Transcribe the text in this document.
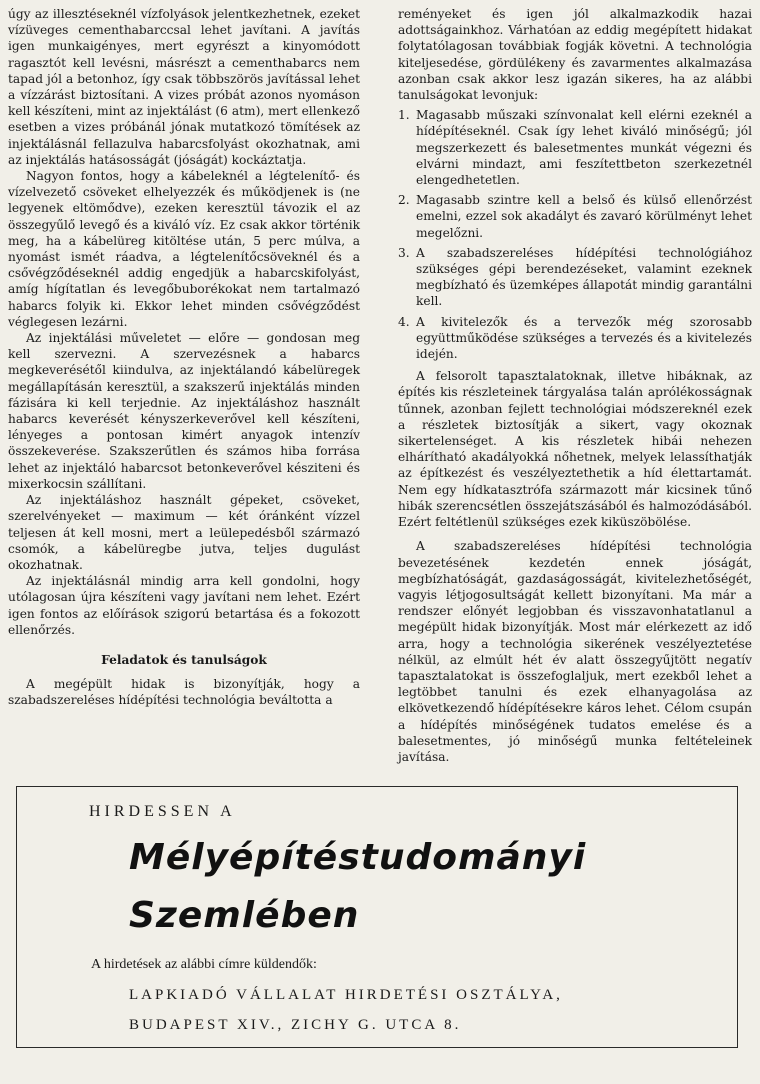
úgy az illesztéseknél vízfolyások jelentkezhetnek, ezeket vízüveges cementhabarccsal lehet javítani. A javítás igen munkaigényes, mert egyrészt a kinyomódott ragasztót kell levésni, másrészt a cementhabarcs nem tapad jól a betonhoz, így csak többszörös javítással lehet a vízzárást biztosítani. A vizes próbát azonos nyomáson kell készíteni, mint az injektálást (6 atm), mert ellenkező esetben a vizes próbánál jónak mutatkozó tömítések az injektálásnál fellazulva habarcsfolyást okozhatnak, ami az injektálás hatásosságát (jóságát) kockáztatja.

Nagyon fontos, hogy a kábeleknél a légtelenítő- és vízelvezető csöveket elhelyezzék és működjenek is (ne legyenek eltömődve), ezeken keresztül távozik el az összegyűlő levegő és a kiváló víz. Ez csak akkor történik meg, ha a kábelüreg kitöltése után, 5 perc múlva, a nyomást ismét ráadva, a légtelenítőcsöveknél és a csővégződéseknél addig engedjük a habarcskifolyást, amíg hígítatlan és levegőbuborékokat nem tartalmazó habarcs folyik ki. Ekkor lehet minden csővégződést véglegesen lezárni.

Az injektálási műveletet — előre — gondosan meg kell szervezni. A szervezésnek a habarcs megkeverésétől kiindulva, az injektálandó kábelüregek megállapításán keresztül, a szakszerű injektálás minden fázisára ki kell terjednie. Az injektáláshoz használt habarcs keverését kényszerkeverővel kell készíteni, lényeges a pontosan kimért anyagok intenzív összekeverése. Szakszerűtlen és számos hiba forrása lehet az injektáló habarcsot betonkeverővel késziteni és mixerkocsin szállítani.

Az injektáláshoz használt gépeket, csöveket, szerelvényeket — maximum — két óránként vízzel teljesen át kell mosni, mert a leülepedésből származó csomók, a kábelüregbe jutva, teljes dugulást okozhatnak.

Az injektálásnál mindig arra kell gondolni, hogy utólagosan újra készíteni vagy javítani nem lehet. Ezért igen fontos az előírások szigorú betartása és a fokozott ellenőrzés.

Feladatok és tanulságok

A megépült hidak is bizonyítják, hogy a szabadszereléses hídépítési technológia beváltotta a

reményeket és igen jól alkalmazkodik hazai adottságainkhoz. Várhatóan az eddig megépített hidakat folytatólagosan továbbiak fogják követni. A technológia kiteljesedése, gördülékeny és zavarmentes alkalmazása azonban csak akkor lesz igazán sikeres, ha az alábbi tanulságokat levonjuk:

1. Magasabb műszaki színvonalat kell elérni ezeknél a hídépítéseknél. Csak így lehet kiváló minőségű; jól megszerkezett és balesetmentes munkát végezni és elvárni mindazt, ami feszítettbeton szerkezetnél elengedhetetlen.
2. Magasabb szintre kell a belső és külső ellenőrzést emelni, ezzel sok akadályt és zavaró körülményt lehet megelőzni.
3. A szabadszereléses hídépítési technológiához szükséges gépi berendezéseket, valamint ezeknek megbízható és üzemképes állapotát mindig garantálni kell.
4. A kivitelezők és a tervezők még szorosabb együttműködése szükséges a tervezés és a kivitelezés idején.

A felsorolt tapasztalatoknak, illetve hibáknak, az építés kis részleteinek tárgyalása talán aprólékosságnak tűnnek, azonban fejlett technológiai módszereknél ezek a részletek biztosítják a sikert, vagy okoznak sikertelenséget. A kis részletek hibái nehezen elhárítható akadályokká nőhetnek, melyek lelassíthatják az építkezést és veszélyeztethetik a híd élettartamát. Nem egy hídkatasztrófa származott már kicsinek tűnő hibák szerencsétlen összejátszásából és halmozódásából. Ezért feltétlenül szükséges ezek kiküszöbölése.

A szabadszereléses hídépítési technológia bevezetésének kezdetén ennek jóságát, megbízhatóságát, gazdaságosságát, kivitelezhetőségét, vagyis létjogosultságát kellett bizonyítani. Ma már a rendszer előnyét legjobban és visszavonhatatlanul a megépült hidak bizonyítják. Most már elérkezett az idő arra, hogy a technológia sikerének veszélyeztetése nélkül, az elmúlt hét év alatt összegyűjtött negatív tapasztalatokat is összefoglaljuk, mert ezekből lehet a legtöbbet tanulni és ezek elhanyagolása az elkövetkezendő hídépítésekre káros lehet. Célom csupán a hídépítés minőségének tudatos emelése és a balesetmentes, jó minőségű munka feltételeinek javítása.

HIRDESSEN A
Mélyépítéstudományi
Szemlében
A hirdetések az alábbi címre küldendők:
LAPKIADÓ VÁLLALAT HIRDETÉSI OSZTÁLYA,
BUDAPEST XIV., ZICHY G. UTCA 8.
